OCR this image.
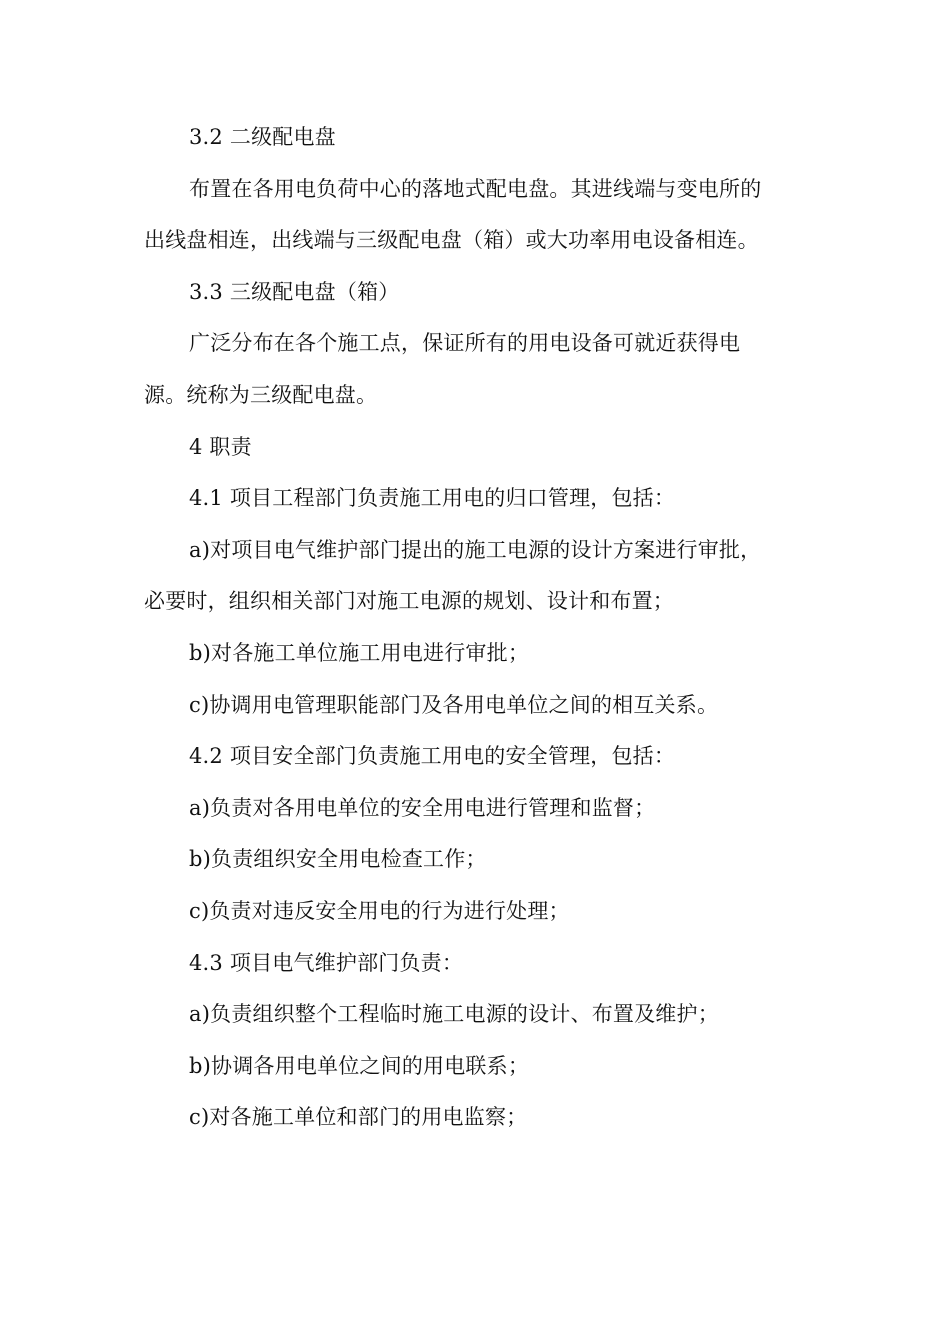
3.2 二级配电盘
布置在各用电负荷中心的落地式配电盘。其进线端与变电所的
出线盘相连，出线端与三级配电盘（箱）或大功率用电设备相连。
3.3 三级配电盘（箱）
广泛分布在各个施工点，保证所有的用电设备可就近获得电
源。统称为三级配电盘。
4 职责
4.1 项目工程部门负责施工用电的归口管理，包括：
a)对项目电气维护部门提出的施工电源的设计方案进行审批，
必要时，组织相关部门对施工电源的规划、设计和布置；
b)对各施工单位施工用电进行审批；
c)协调用电管理职能部门及各用电单位之间的相互关系。
4.2 项目安全部门负责施工用电的安全管理，包括：
a)负责对各用电单位的安全用电进行管理和监督；
b)负责组织安全用电检查工作；
c)负责对违反安全用电的行为进行处理；
4.3 项目电气维护部门负责：
a)负责组织整个工程临时施工电源的设计、布置及维护；
b)协调各用电单位之间的用电联系；
c)对各施工单位和部门的用电监察；
